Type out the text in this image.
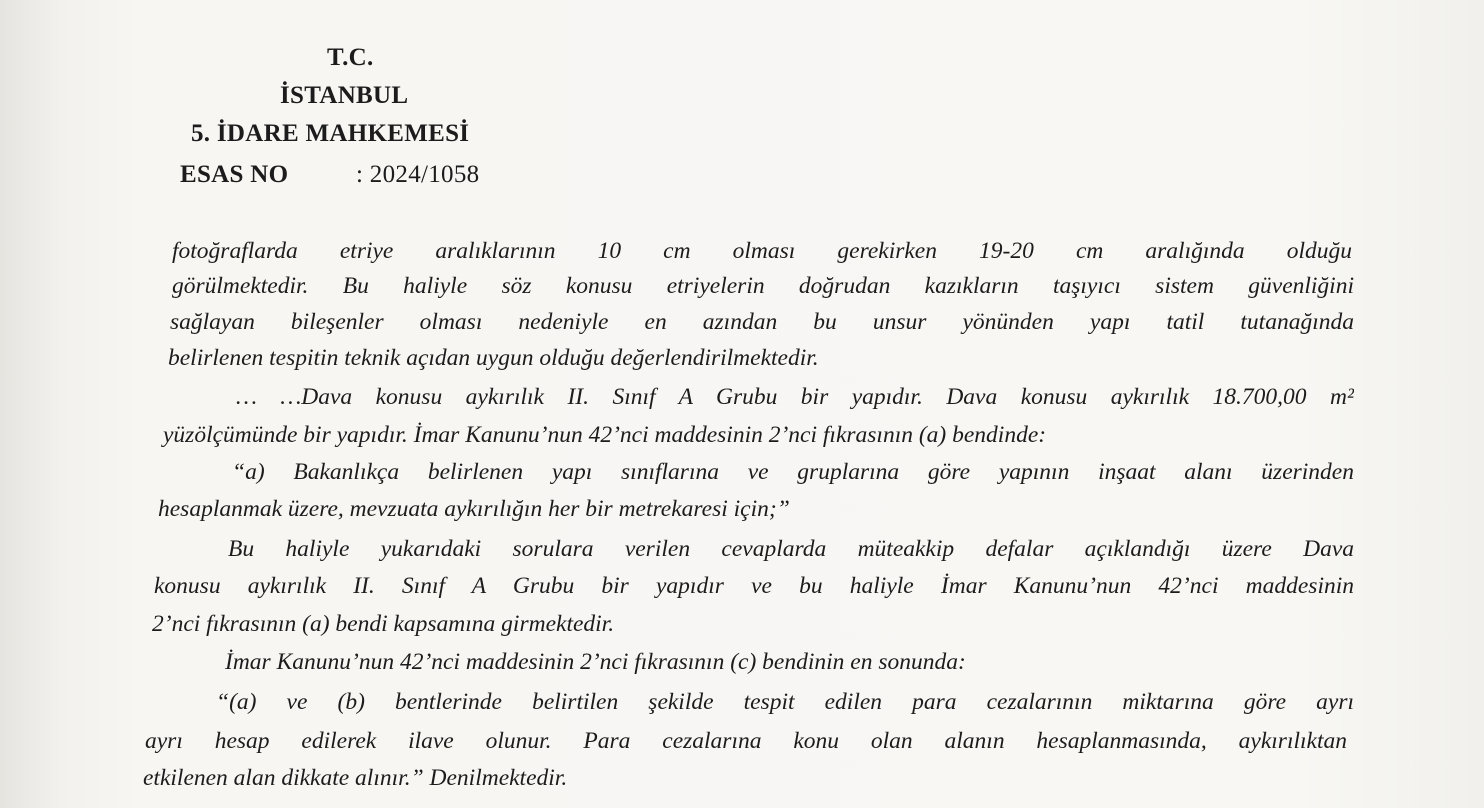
T.C.
İSTANBUL
5. İDARE MAHKEMESİ
ESAS NO	: 2024/1058
fotoğraflarda etriye aralıklarının 10 cm olması gerekirken 19-20 cm aralığında olduğu
görülmektedir. Bu haliyle söz konusu etriyelerin doğrudan kazıkların taşıyıcı sistem güvenliğini
sağlayan bileşenler olması nedeniyle en azından bu unsur yönünden yapı tatil tutanağında
belirlenen tespitin teknik açıdan uygun olduğu değerlendirilmektedir.
… …Dava konusu aykırılık II. Sınıf A Grubu bir yapıdır. Dava konusu aykırılık 18.700,00 m²
yüzölçümünde bir yapıdır. İmar Kanunu’nun 42’nci maddesinin 2’nci fıkrasının (a) bendinde:
“a) Bakanlıkça belirlenen yapı sınıflarına ve gruplarına göre yapının inşaat alanı üzerinden
hesaplanmak üzere, mevzuata aykırılığın her bir metrekaresi için;”
Bu haliyle yukarıdaki sorulara verilen cevaplarda müteakkip defalar açıklandığı üzere Dava
konusu aykırılık II. Sınıf A Grubu bir yapıdır ve bu haliyle İmar Kanunu’nun 42’nci maddesinin
2’nci fıkrasının (a) bendi kapsamına girmektedir.
İmar Kanunu’nun 42’nci maddesinin 2’nci fıkrasının (c) bendinin en sonunda:
“(a) ve (b) bentlerinde belirtilen şekilde tespit edilen para cezalarının miktarına göre ayrı
ayrı hesap edilerek ilave olunur. Para cezalarına konu olan alanın hesaplanmasında, aykırılıktan
etkilenen alan dikkate alınır.” Denilmektedir.
